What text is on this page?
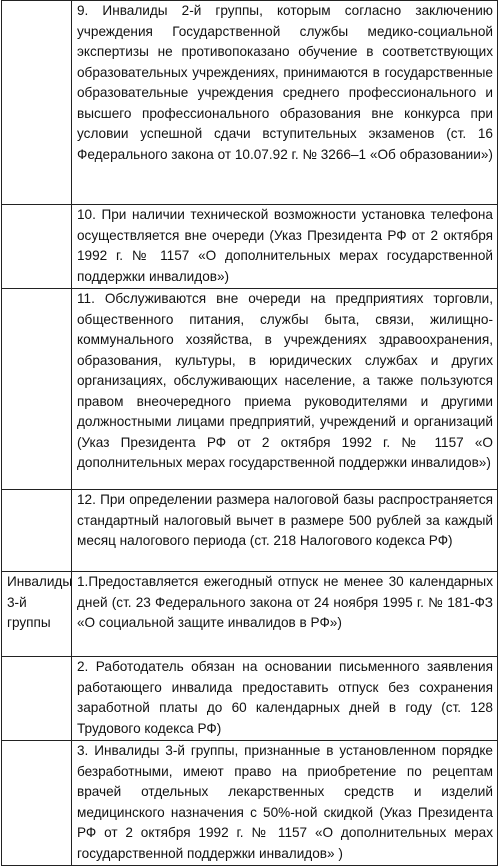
	9. Инвалиды 2-й группы, которым согласно заключению учреждения Государственной службы медико-социальной экспертизы не противопоказано обучение в соответствующих образовательных учреждениях, принимаются в государственные образовательные учреждения среднего профессионального и высшего профессионального образования вне конкурса при условии успешной сдачи вступительных экзаменов (ст. 16 Федерального закона от 10.07.92 г. № 3266–1 «Об образовании»)

	10. При наличии технической возможности установка телефона осуществляется вне очереди (Указ Президента РФ от 2 октября 1992 г. № 1157 «О дополнительных мерах государственной поддержки инвалидов»)

	11. Обслуживаются вне очереди на предприятиях торговли, общественного питания, службы быта, связи, жилищно-коммунального хозяйства, в учреждениях здравоохранения, образования, культуры, в юридических службах и других организациях, обслуживающих население, а также пользуются правом внеочередного приема руководителями и другими должностными лицами предприятий, учреждений и организаций (Указ Президента РФ от 2 октября 1992 г. № 1157 «О дополнительных мерах государственной поддержки инвалидов»)

	12. При определении размера налоговой базы распространяется стандартный налоговый вычет в размере 500 рублей за каждый месяц налогового периода (ст. 218 Налогового кодекса РФ)

Инвалиды 3-й группы	1.Предоставляется ежегодный отпуск не менее 30 календарных дней (ст. 23 Федерального закона от 24 ноября 1995 г. № 181-ФЗ «О социальной защите инвалидов в РФ»)

	2. Работодатель обязан на основании письменного заявления работающего инвалида предоставить отпуск без сохранения заработной платы до 60 календарных дней в году (ст. 128 Трудового кодекса РФ)

	3. Инвалиды 3-й группы, признанные в установленном порядке безработными, имеют право на приобретение по рецептам врачей отдельных лекарственных средств и изделий медицинского назначения с 50%-ной скидкой (Указ Президента РФ от 2 октября 1992 г. № 1157 «О дополнительных мерах государственной поддержки инвалидов» )
